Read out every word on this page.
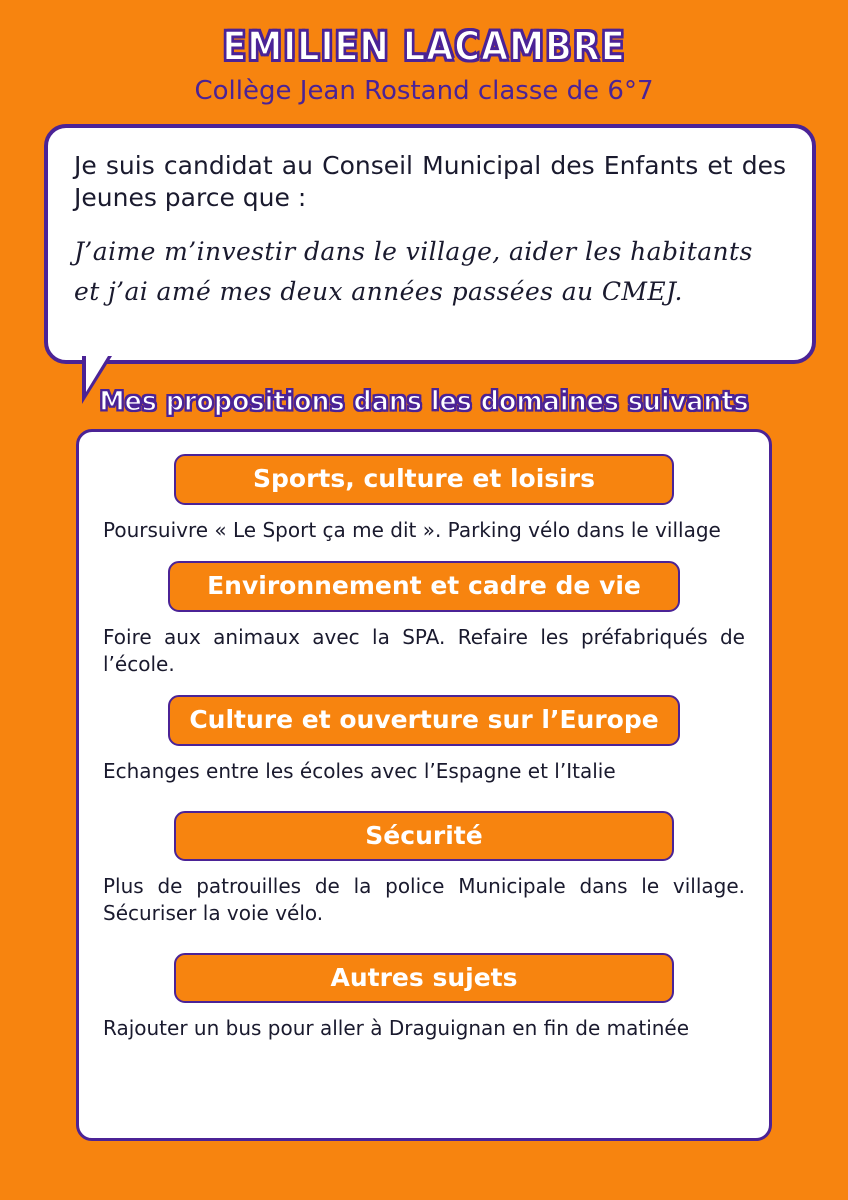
EMILIEN LACAMBRE
Collège Jean Rostand classe de 6°7

Je suis candidat au Conseil Municipal des Enfants et des Jeunes parce que :

J’aime m’investir dans le village, aider les habitants et j’ai amé mes deux années passées au CMEJ.

Mes propositions dans les domaines suivants
Sports, culture et loisirs
Poursuivre « Le Sport ça me dit ». Parking vélo dans le village
Environnement et cadre de vie
Foire aux animaux avec la SPA. Refaire les préfabriqués de l’école.
Culture et ouverture sur l’Europe
Echanges entre les écoles avec l’Espagne et l’Italie
Sécurité
Plus de patrouilles de la police Municipale dans le village. Sécuriser la voie vélo.
Autres sujets
Rajouter un bus pour aller à Draguignan en fin de matinée
